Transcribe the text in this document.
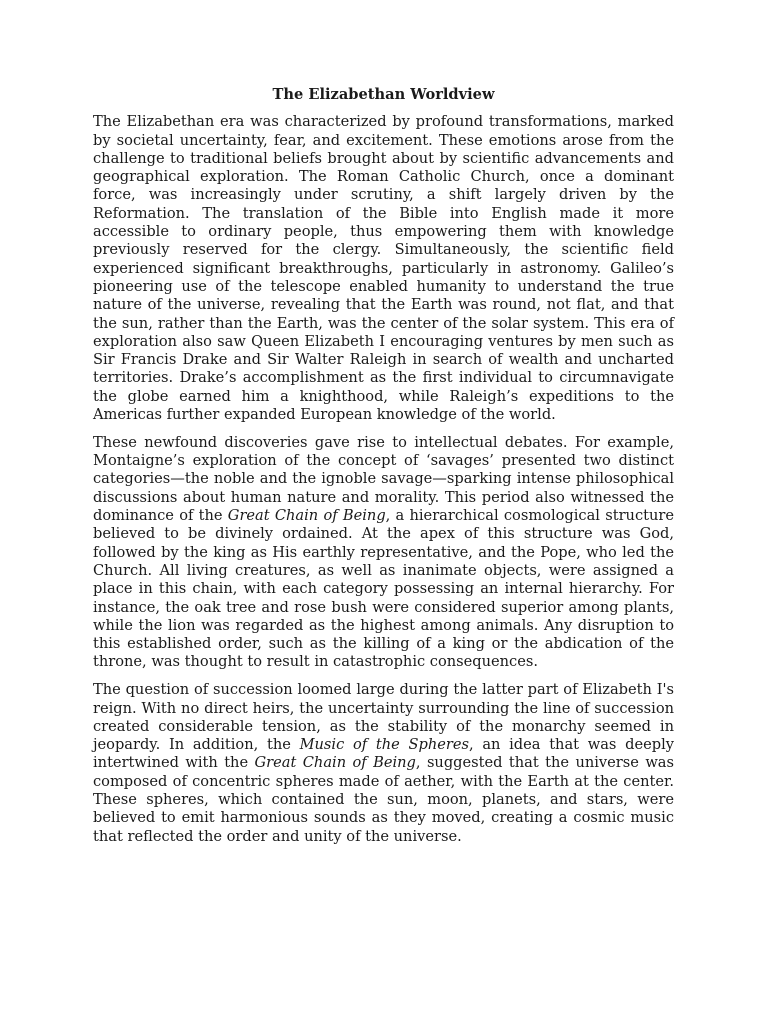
The Elizabethan Worldview

The Elizabethan era was characterized by profound transformations, marked by societal uncertainty, fear, and excitement. These emotions arose from the challenge to traditional beliefs brought about by scientific advancements and geographical exploration. The Roman Catholic Church, once a dominant force, was increasingly under scrutiny, a shift largely driven by the Reformation. The translation of the Bible into English made it more accessible to ordinary people, thus empowering them with knowledge previously reserved for the clergy. Simultaneously, the scientific field experienced significant breakthroughs, particularly in astronomy. Galileo’s pioneering use of the telescope enabled humanity to understand the true nature of the universe, revealing that the Earth was round, not flat, and that the sun, rather than the Earth, was the center of the solar system. This era of exploration also saw Queen Elizabeth I encouraging ventures by men such as Sir Francis Drake and Sir Walter Raleigh in search of wealth and uncharted territories. Drake’s accomplishment as the first individual to circumnavigate the globe earned him a knighthood, while Raleigh’s expeditions to the Americas further expanded European knowledge of the world.

These newfound discoveries gave rise to intellectual debates. For example, Montaigne’s exploration of the concept of ‘savages’ presented two distinct categories—the noble and the ignoble savage—sparking intense philosophical discussions about human nature and morality. This period also witnessed the dominance of the Great Chain of Being, a hierarchical cosmological structure believed to be divinely ordained. At the apex of this structure was God, followed by the king as His earthly representative, and the Pope, who led the Church. All living creatures, as well as inanimate objects, were assigned a place in this chain, with each category possessing an internal hierarchy. For instance, the oak tree and rose bush were considered superior among plants, while the lion was regarded as the highest among animals. Any disruption to this established order, such as the killing of a king or the abdication of the throne, was thought to result in catastrophic consequences.

The question of succession loomed large during the latter part of Elizabeth I's reign. With no direct heirs, the uncertainty surrounding the line of succession created considerable tension, as the stability of the monarchy seemed in jeopardy. In addition, the Music of the Spheres, an idea that was deeply intertwined with the Great Chain of Being, suggested that the universe was composed of concentric spheres made of aether, with the Earth at the center. These spheres, which contained the sun, moon, planets, and stars, were believed to emit harmonious sounds as they moved, creating a cosmic music that reflected the order and unity of the universe.
